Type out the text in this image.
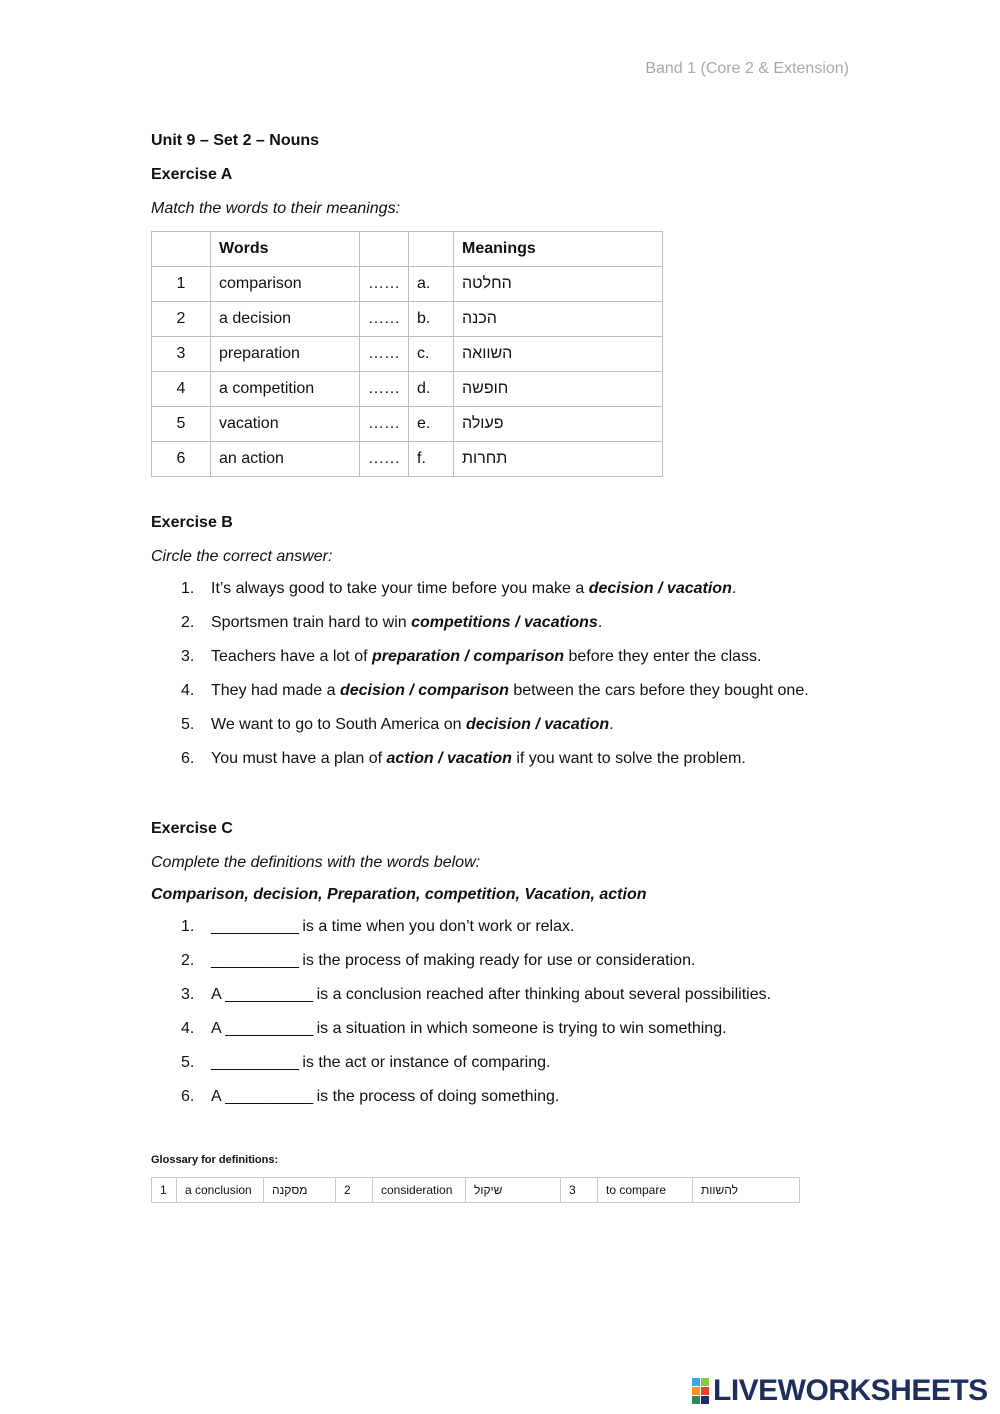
Band 1 (Core 2 & Extension)
Unit 9 – Set 2 – Nouns
Exercise A
Match the words to their meanings:
	Words			Meanings
1	comparison	……	a.	החלטה
2	a decision	……	b.	הכנה
3	preparation	……	c.	השוואה
4	a competition	……	d.	חופשה
5	vacation	……	e.	פעולה
6	an action	……	f.	תחרות
Exercise B
Circle the correct answer:
1.	It’s always good to take your time before you make a decision / vacation.
2.	Sportsmen train hard to win competitions / vacations.
3.	Teachers have a lot of preparation / comparison before they enter the class.
4.	They had made a decision / comparison between the cars before they bought one.
5.	We want to go to South America on decision / vacation.
6.	You must have a plan of action / vacation if you want to solve the problem.
Exercise C
Complete the definitions with the words below:
Comparison, decision, Preparation, competition, Vacation, action
1.	___________ is a time when you don’t work or relax.
2.	___________ is the process of making ready for use or consideration.
3.	A ___________ is a conclusion reached after thinking about several possibilities.
4.	A ___________ is a situation in which someone is trying to win something.
5.	___________ is the act or instance of comparing.
6.	A ___________ is the process of doing something.
Glossary for definitions:
1	a conclusion	מסקנה	2	consideration	שיקול	3	to compare	להשוות
LIVEWORKSHEETS
